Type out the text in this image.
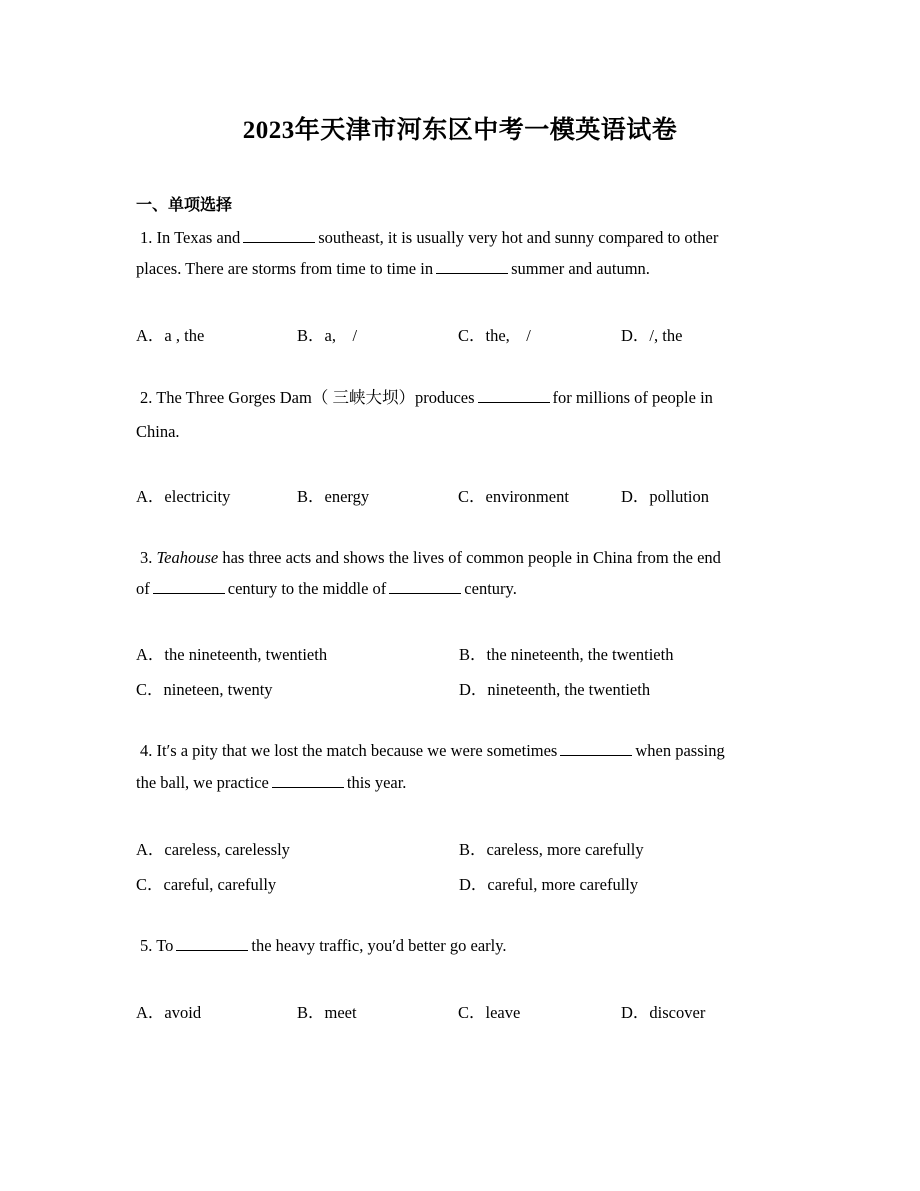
2023年天津市河东区中考一模英语试卷
一、单项选择
1. In Texas and	southeast, it is usually very hot and sunny compared to other
places. There are storms from time to time in	summer and autumn.
A．a , the	B．a,　/	C．the,　/	D．/, the
2. The Three Gorges Dam（ 三峡大坝）produces	for millions of people in
China.
A．electricity	B．energy	C．environment	D．pollution
3. Teahouse has three acts and shows the lives of common people in China from the end
of	century to the middle of	century.
A．the nineteenth, twentieth	B．the nineteenth, the twentieth
C．nineteen, twenty	D．nineteenth, the twentieth
4. It′s a pity that we lost the match because we were sometimes	when passing
the ball, we practice	this year.
A．careless, carelessly	B．careless, more carefully
C．careful, carefully	D．careful, more carefully
5. To	the heavy traffic, you′d better go early.
A．avoid	B．meet	C．leave	D．discover
